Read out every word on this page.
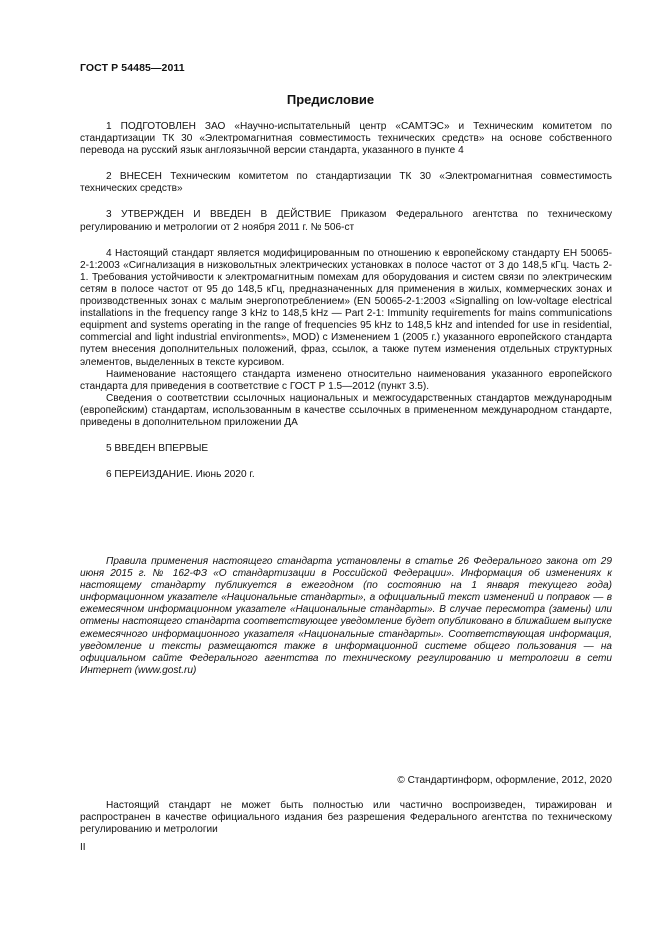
ГОСТ Р 54485—2011
Предисловие

1 ПОДГОТОВЛЕН ЗАО «Научно-испытательный центр «САМТЭС» и Техническим комитетом по стандартизации ТК 30 «Электромагнитная совместимость технических средств» на основе собственного перевода на русский язык англоязычной версии стандарта, указанного в пункте 4

2 ВНЕСЕН Техническим комитетом по стандартизации ТК 30 «Электромагнитная совместимость технических средств»

3 УТВЕРЖДЕН И ВВЕДЕН В ДЕЙСТВИЕ Приказом Федерального агентства по техническому регулированию и метрологии от 2 ноября 2011 г. № 506-ст

4 Настоящий стандарт является модифицированным по отношению к европейскому стандарту ЕН 50065-2-1:2003 «Сигнализация в низковольтных электрических установках в полосе частот от 3 до 148,5 кГц. Часть 2-1. Требования устойчивости к электромагнитным помехам для оборудования и систем связи по электрическим сетям в полосе частот от 95 до 148,5 кГц, предназначенных для применения в жилых, коммерческих зонах и производственных зонах с малым энергопотреблением» (EN 50065-2-1:2003 «Signalling on low-voltage electrical installations in the frequency range 3 kHz to 148,5 kHz — Part 2-1: Immunity requirements for mains communications equipment and systems operating in the range of frequencies 95 kHz to 148,5 kHz and intended for use in residential, commercial and light industrial environments», MOD) с Изменением 1 (2005 г.) указанного европейского стандарта путем внесения дополнительных положений, фраз, ссылок, а также путем изменения отдельных структурных элементов, выделенных в тексте курсивом.

Наименование настоящего стандарта изменено относительно наименования указанного европейского стандарта для приведения в соответствие с ГОСТ Р 1.5—2012 (пункт 3.5).

Сведения о соответствии ссылочных национальных и межгосударственных стандартов международным (европейским) стандартам, использованным в качестве ссылочных в примененном международном стандарте, приведены в дополнительном приложении ДА

5 ВВЕДЕН ВПЕРВЫЕ

6 ПЕРЕИЗДАНИЕ. Июнь 2020 г.

Правила применения настоящего стандарта установлены в статье 26 Федерального закона от 29 июня 2015 г. № 162-ФЗ «О стандартизации в Российской Федерации». Информация об изменениях к настоящему стандарту публикуется в ежегодном (по состоянию на 1 января текущего года) информационном указателе «Национальные стандарты», а официальный текст изменений и поправок — в ежемесячном информационном указателе «Национальные стандарты». В случае пересмотра (замены) или отмены настоящего стандарта соответствующее уведомление будет опубликовано в ближайшем выпуске ежемесячного информационного указателя «Национальные стандарты». Соответствующая информация, уведомление и тексты размещаются также в информационной системе общего пользования — на официальном сайте Федерального агентства по техническому регулированию и метрологии в сети Интернет (www.gost.ru)

© Стандартинформ, оформление, 2012, 2020

Настоящий стандарт не может быть полностью или частично воспроизведен, тиражирован и распространен в качестве официального издания без разрешения Федерального агентства по техническому регулированию и метрологии

II
